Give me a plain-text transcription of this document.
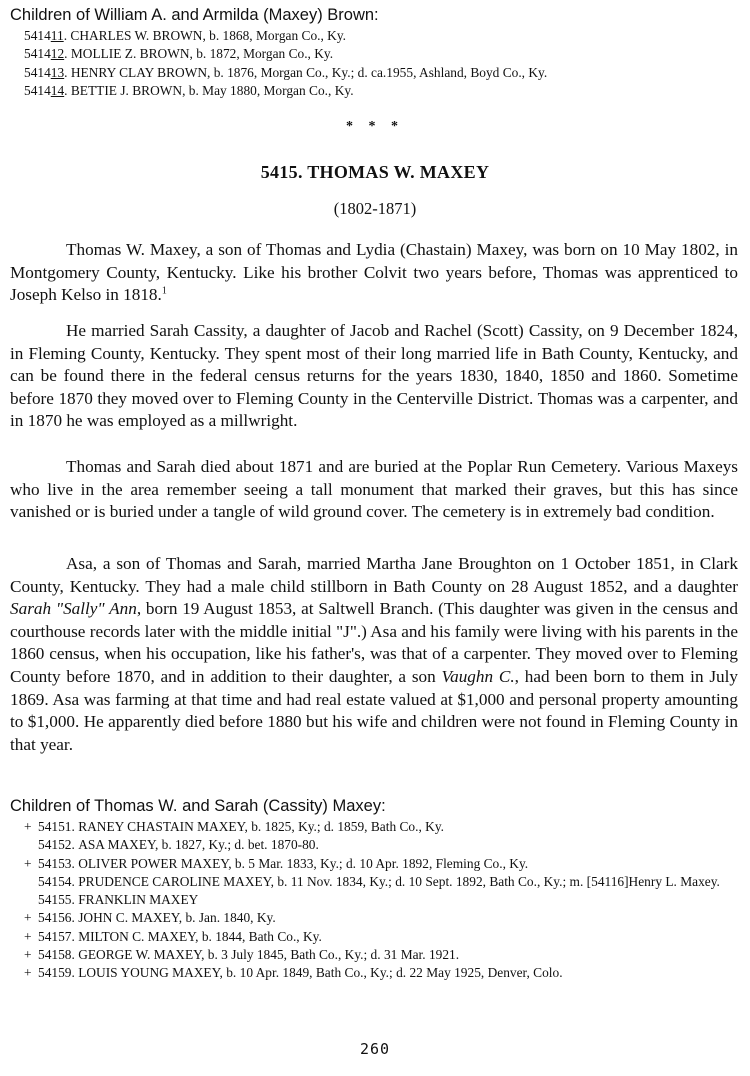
Children of William A. and Armilda (Maxey) Brown:
5414 11 . CHARLES W. BROWN, b. 1868, Morgan Co., Ky.
5414 12 . MOLLIE Z. BROWN, b. 1872, Morgan Co., Ky.
5414 13 . HENRY CLAY BROWN, b. 1876, Morgan Co., Ky.; d. ca.1955, Ashland, Boyd Co., Ky.
5414 14 . BETTIE J. BROWN, b. May 1880, Morgan Co., Ky.
* * *
5415. THOMAS W. MAXEY
(1802-1871)
Thomas W. Maxey, a son of Thomas and Lydia (Chastain) Maxey, was born on 10 May 1802, in Montgomery County, Kentucky. Like his brother Colvit two years before, Thomas was apprenticed to Joseph Kelso in 1818.$^1$
He married Sarah Cassity, a daughter of Jacob and Rachel (Scott) Cassity, on 9 December 1824, in Fleming County, Kentucky. They spent most of their long married life in Bath County, Kentucky, and can be found there in the federal census returns for the years 1830, 1840, 1850 and 1860. Sometime before 1870 they moved over to Fleming County in the Centerville District. Thomas was a carpenter, and in 1870 he was employed as a millwright.
Thomas and Sarah died about 1871 and are buried at the Poplar Run Cemetery. Various Maxeys who live in the area remember seeing a tall monument that marked their graves, but this has since vanished or is buried under a tangle of wild ground cover. The cemetery is in extremely bad condition.
Asa, a son of Thomas and Sarah, married Martha Jane Broughton on 1 October 1851, in Clark County, Kentucky. They had a male child stillborn in Bath County on 28 August 1852, and a daughter Sarah "Sally" Ann, born 19 August 1853, at Saltwell Branch. (This daughter was given in the census and courthouse records later with the middle initial "J".) Asa and his family were living with his parents in the 1860 census, when his occupation, like his father's, was that of a carpenter. They moved over to Fleming County before 1870, and in addition to their daughter, a son Vaughn C., had been born to them in July 1869. Asa was farming at that time and had real estate valued at $1,000 and personal property amounting to $1,000. He apparently died before 1880 but his wife and children were not found in Fleming County in that year.
Children of Thomas W. and Sarah (Cassity) Maxey:
+ 54151.
RANEY CHASTAIN MAXEY, b. 1825, Ky.; d. 1859, Bath Co., Ky.
54152.
ASA MAXEY, b. 1827, Ky.; d. bet. 1870-80.
+ 54153.
OLIVER POWER MAXEY, b. 5 Mar. 1833, Ky.; d. 10 Apr. 1892, Fleming Co., Ky.
54154.
PRUDENCE CAROLINE MAXEY, b. 11 Nov. 1834, Ky.; d. 10 Sept. 1892, Bath Co., Ky.; m. [54116]Henry L. Maxey.
54155.
FRANKLIN MAXEY
+ 54156.
JOHN C. MAXEY, b. Jan. 1840, Ky.
+ 54157.
MILTON C. MAXEY, b. 1844, Bath Co., Ky.
+ 54158.
GEORGE W. MAXEY, b. 3 July 1845, Bath Co., Ky.; d. 31 Mar. 1921.
+ 54159.
LOUIS YOUNG MAXEY, b. 10 Apr. 1849, Bath Co., Ky.; d. 22 May 1925, Denver, Colo.
260
